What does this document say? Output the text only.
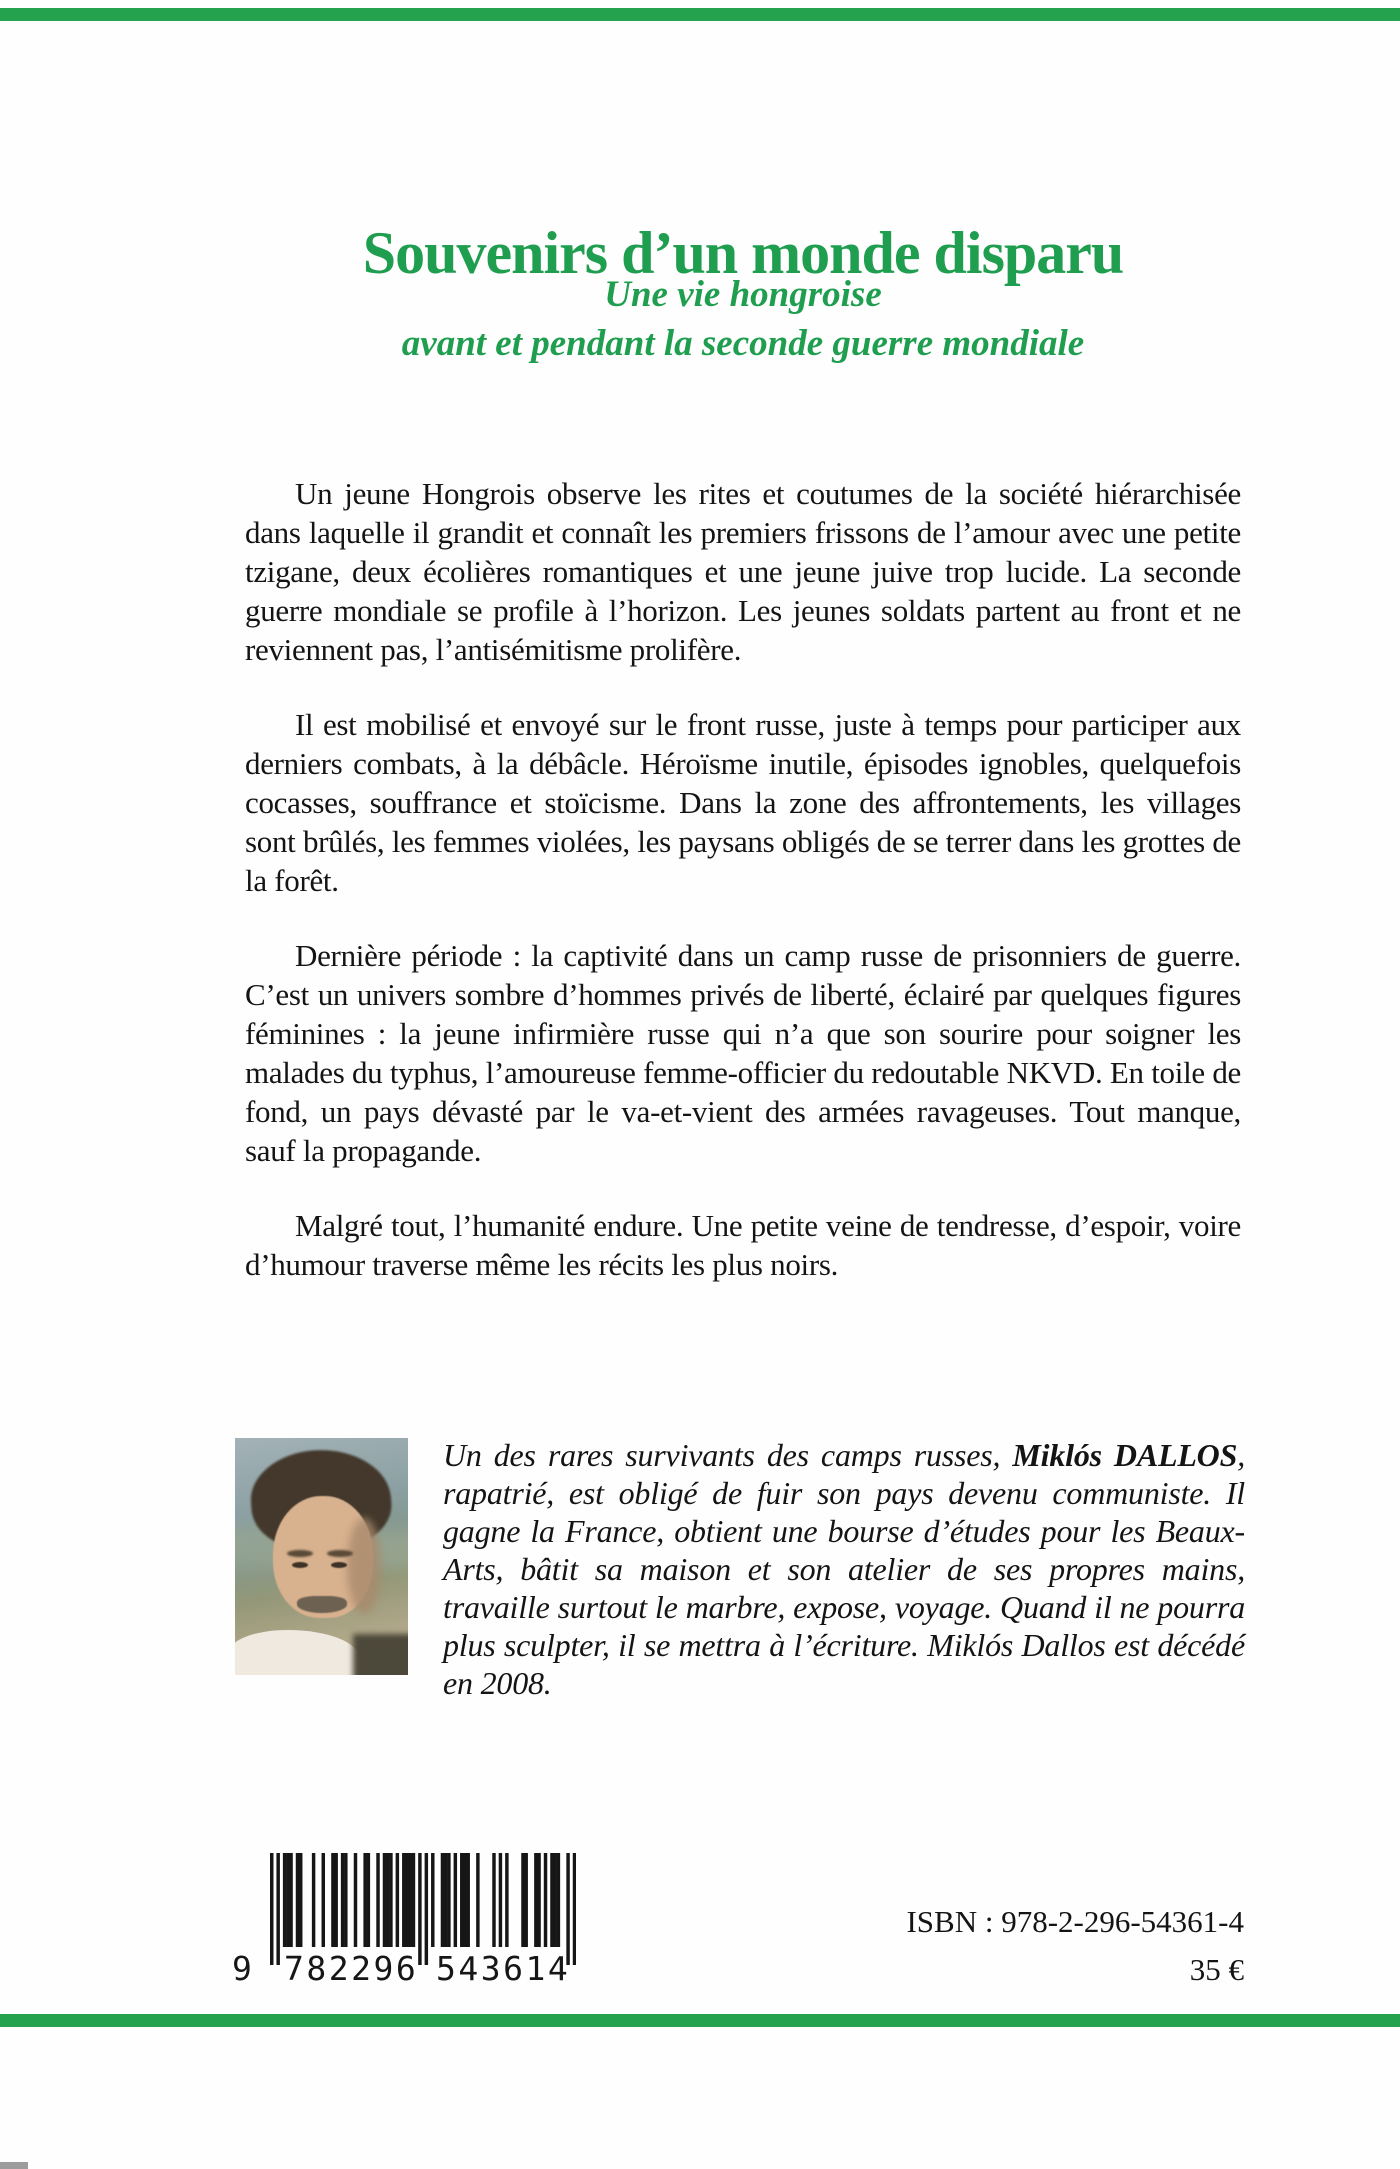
Souvenirs d’un monde disparu
Une vie hongroise
avant et pendant la seconde guerre mondiale

Un jeune Hongrois observe les rites et coutumes de la société hiérarchisée dans laquelle il grandit et connaît les premiers frissons de l’amour avec une petite tzigane, deux écolières romantiques et une jeune juive trop lucide. La seconde guerre mondiale se profile à l’horizon. Les jeunes soldats partent au front et ne reviennent pas, l’antisémitisme prolifère.

Il est mobilisé et envoyé sur le front russe, juste à temps pour participer aux derniers combats, à la débâcle. Héroïsme inutile, épisodes ignobles, quelquefois cocasses, souffrance et stoïcisme. Dans la zone des affrontements, les villages sont brûlés, les femmes violées, les paysans obligés de se terrer dans les grottes de la forêt.

Dernière période : la captivité dans un camp russe de prisonniers de guerre. C’est un univers sombre d’hommes privés de liberté, éclairé par quelques figures féminines : la jeune infirmière russe qui n’a que son sourire pour soigner les malades du typhus, l’amoureuse femme-officier du redoutable NKVD. En toile de fond, un pays dévasté par le va-et-vient des armées ravageuses. Tout manque, sauf la propagande.

Malgré tout, l’humanité endure. Une petite veine de tendresse, d’espoir, voire d’humour traverse même les récits les plus noirs.

Un des rares survivants des camps russes, Miklós DALLOS, rapatrié, est obligé de fuir son pays devenu communiste. Il gagne la France, obtient une bourse d’études pour les Beaux-Arts, bâtit sa maison et son atelier de ses propres mains, travaille surtout le marbre, expose, voyage. Quand il ne pourra plus sculpter, il se mettra à l’écriture. Miklós Dallos est décédé en 2008.
9 782296 543614
ISBN : 978-2-296-54361-4
35 €
